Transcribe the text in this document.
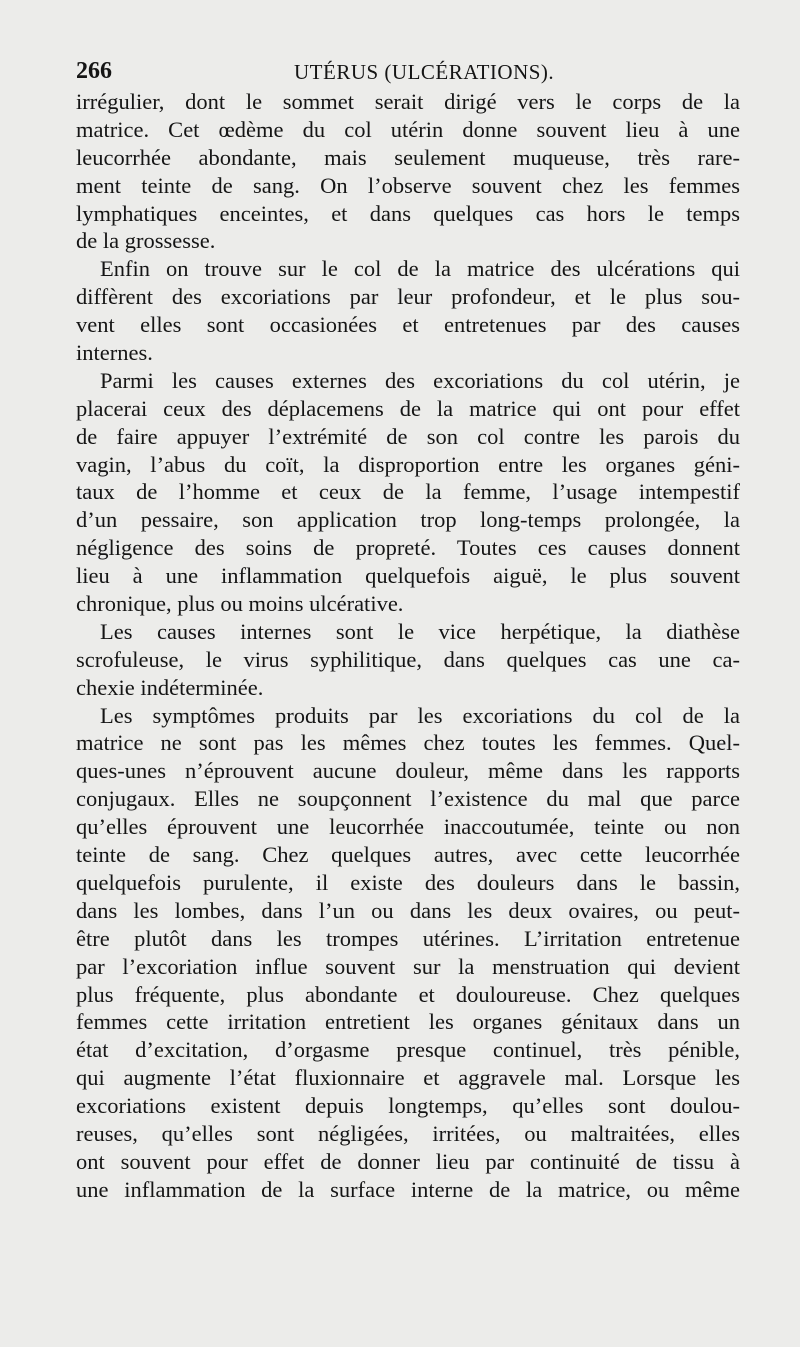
266	UTÉRUS (ULCÉRATIONS).
irrégulier, dont le sommet serait dirigé vers le corps de la
matrice. Cet œdème du col utérin donne souvent lieu à une
leucorrhée abondante, mais seulement muqueuse, très rare-
ment teinte de sang. On l’observe souvent chez les femmes
lymphatiques enceintes, et dans quelques cas hors le temps
de la grossesse.
Enfin on trouve sur le col de la matrice des ulcérations qui
diffèrent des excoriations par leur profondeur, et le plus sou-
vent elles sont occasionées et entretenues par des causes
internes.
Parmi les causes externes des excoriations du col utérin, je
placerai ceux des déplacemens de la matrice qui ont pour effet
de faire appuyer l’extrémité de son col contre les parois du
vagin, l’abus du coït, la disproportion entre les organes géni-
taux de l’homme et ceux de la femme, l’usage intempestif
d’un pessaire, son application trop long-temps prolongée, la
négligence des soins de propreté. Toutes ces causes donnent
lieu à une inflammation quelquefois aiguë, le plus souvent
chronique, plus ou moins ulcérative.
Les causes internes sont le vice herpétique, la diathèse
scrofuleuse, le virus syphilitique, dans quelques cas une ca-
chexie indéterminée.
Les symptômes produits par les excoriations du col de la
matrice ne sont pas les mêmes chez toutes les femmes. Quel-
ques-unes n’éprouvent aucune douleur, même dans les rapports
conjugaux. Elles ne soupçonnent l’existence du mal que parce
qu’elles éprouvent une leucorrhée inaccoutumée, teinte ou non
teinte de sang. Chez quelques autres, avec cette leucorrhée
quelquefois purulente, il existe des douleurs dans le bassin,
dans les lombes, dans l’un ou dans les deux ovaires, ou peut-
être plutôt dans les trompes utérines. L’irritation entretenue
par l’excoriation influe souvent sur la menstruation qui devient
plus fréquente, plus abondante et douloureuse. Chez quelques
femmes cette irritation entretient les organes génitaux dans un
état d’excitation, d’orgasme presque continuel, très pénible,
qui augmente l’état fluxionnaire et aggravele mal. Lorsque les
excoriations existent depuis longtemps, qu’elles sont doulou-
reuses, qu’elles sont négligées, irritées, ou maltraitées, elles
ont souvent pour effet de donner lieu par continuité de tissu à
une inflammation de la surface interne de la matrice, ou même
